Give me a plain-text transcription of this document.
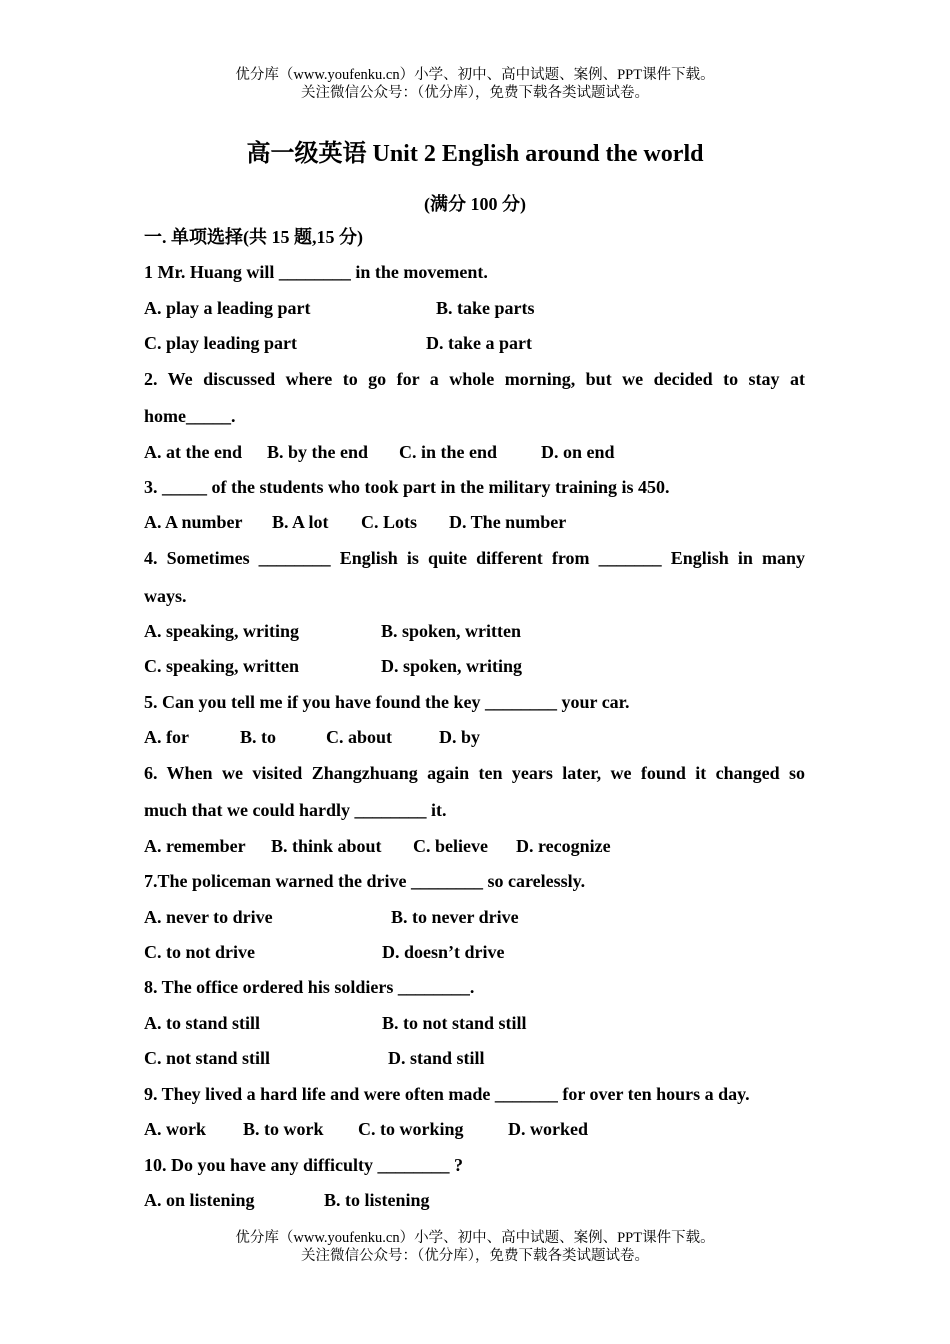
优分库（www.youfenku.cn）小学、初中、高中试题、案例、PPT课件下载。
关注微信公众号：（优分库），免费下载各类试题试卷。
高一级英语 Unit 2 English around the world
(满分 100 分)
一. 单项选择(共 15 题,15 分)
1 Mr. Huang will ________ in the movement.
A. play a leading part	B. take parts
C. play leading part	D. take a part
2. We discussed where to go for a whole morning, but we decided to stay at
home_____.
A. at the end B. by the end C. in the end D. on end
3. _____ of the students who took part in the military training is 450.
A. A number B. A lot C. Lots D. The number
4. Sometimes ________ English is quite different from _______ English in many
ways.
A. speaking, writing	B. spoken, written
C. speaking, written	D. spoken, writing
5. Can you tell me if you have found the key ________ your car.
A. for	B. to	C. about	D. by
6. When we visited Zhangzhuang again ten years later, we found it changed so
much that we could hardly ________ it.
A. remember B. think about C. believe D. recognize
7.The policeman warned the drive ________ so carelessly.
A. never to drive	B. to never drive
C. to not drive	D. doesn’t drive
8. The office ordered his soldiers ________.
A. to stand still	B. to not stand still
C. not stand still	D. stand still
9. They lived a hard life and were often made _______ for over ten hours a day.
A. work B. to work C. to working D. worked
10. Do you have any difficulty ________ ?
A. on listening	B. to listening
优分库（www.youfenku.cn）小学、初中、高中试题、案例、PPT课件下载。
关注微信公众号：（优分库），免费下载各类试题试卷。
